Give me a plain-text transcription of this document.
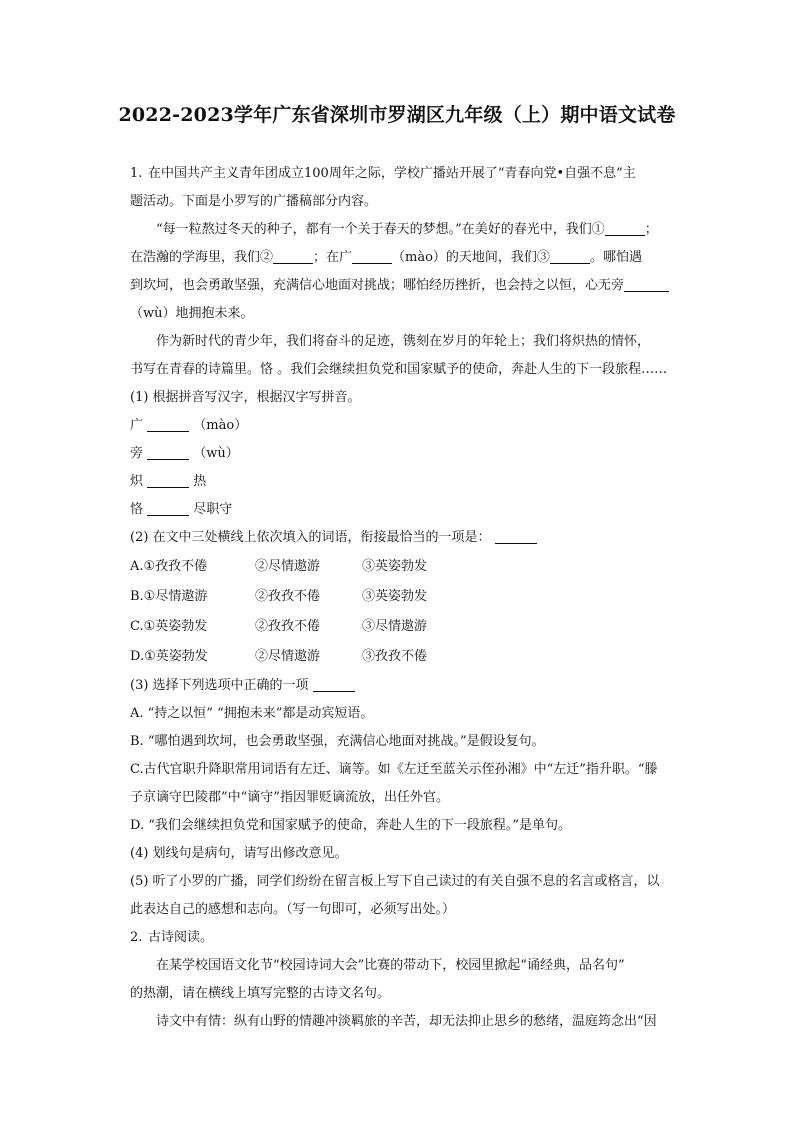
2022-2023学年广东省深圳市罗湖区九年级（上）期中语文试卷
1. 在中国共产主义青年团成立100周年之际，学校广播站开展了“青春向党•自强不息”主
题活动。下面是小罗写的广播稿部分内容。
“每一粒熬过冬天的种子，都有一个关于春天的梦想。”在美好的春光中，我们①	；
在浩瀚的学海里，我们②	；在广	（mào）的天地间，我们③	。哪怕遇
到坎坷，也会勇敢坚强，充满信心地面对挑战；哪怕经历挫折，也会持之以恒，心无旁
（wù）地拥抱未来。
作为新时代的青少年，我们将奋斗的足迹，镌刻在岁月的年轮上；我们将炽热的情怀，
书写在青春的诗篇里。恪 。我们会继续担负党和国家赋予的使命，奔赴人生的下一段旅程……
(1) 根据拼音写汉字，根据汉字写拼音。
广	（mào）
旁	（wù）
炽	热
恪	尽职守
(2) 在文中三处横线上依次填入的词语，衔接最恰当的一项是：
A.①孜孜不倦	②尽情遨游	③英姿勃发
B.①尽情遨游	②孜孜不倦	③英姿勃发
C.①英姿勃发	②孜孜不倦	③尽情遨游
D.①英姿勃发	②尽情遨游	③孜孜不倦
(3) 选择下列选项中正确的一项
A. “持之以恒” “拥抱未来”都是动宾短语。
B. “哪怕遇到坎坷，也会勇敢坚强，充满信心地面对挑战。”是假设复句。
C.古代官职升降职常用词语有左迁、谪等。如《左迁至蓝关示侄孙湘》中“左迁”指升职。“滕
子京谪守巴陵郡”中“谪守”指因罪贬谪流放，出任外官。
D. “我们会继续担负党和国家赋予的使命，奔赴人生的下一段旅程。”是单句。
(4) 划线句是病句，请写出修改意见。
(5) 听了小罗的广播，同学们纷纷在留言板上写下自己读过的有关自强不息的名言或格言，以
此表达自己的感想和志向。（写一句即可，必须写出处。）
2. 古诗阅读。
在某学校国语文化节“校园诗词大会”比赛的带动下，校园里掀起“诵经典，品名句”
的热潮，请在横线上填写完整的古诗文名句。
诗文中有情：纵有山野的情趣冲淡羁旅的辛苦，却无法抑止思乡的愁绪，温庭筠念出“因
